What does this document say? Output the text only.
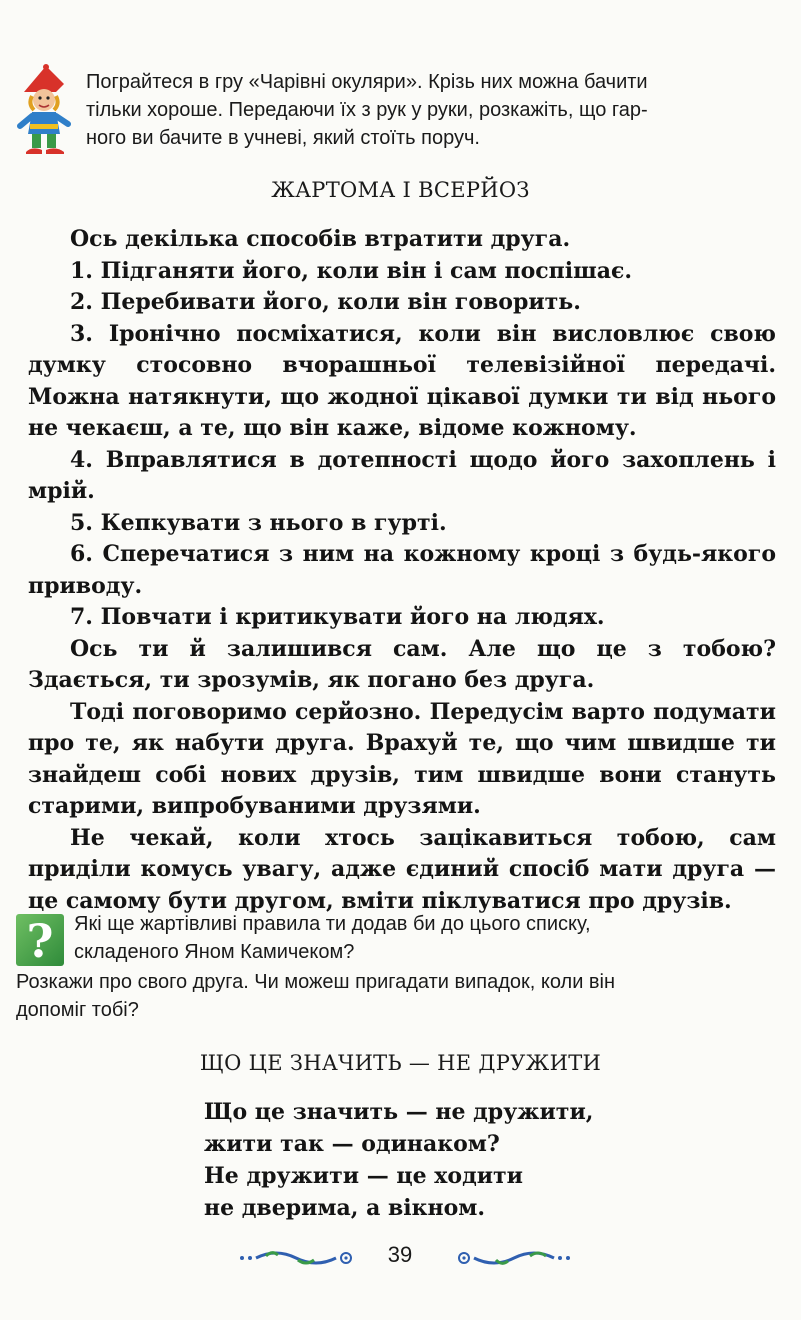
Пограйтеся в гру «Чарівні окуляри». Крізь них можна бачити
тільки хороше. Передаючи їх з рук у руки, розкажіть, що гар-
ного ви бачите в учневі, який стоїть поруч.
ЖАРТОМА І ВСЕРЙОЗ

Ось декілька способів втратити друга.

1. Підганяти його, коли він і сам поспішає.

2. Перебивати його, коли він говорить.

3. Іронічно посміхатися, коли він висловлює свою думку стосовно вчорашньої телевізійної передачі. Можна натякнути, що жодної цікавої думки ти від нього не чекаєш, а те, що він каже, відоме кожному.

4. Вправлятися в дотепності щодо його захоплень і мрій.

5. Кепкувати з нього в гурті.

6. Сперечатися з ним на кожному кроці з будь-якого приводу.

7. Повчати і критикувати його на людях.

Ось ти й залишився сам. Але що це з тобою? Здається, ти зрозумів, як погано без друга.

Тоді поговоримо серйозно. Передусім варто подумати про те, як набути друга. Врахуй те, що чим швидше ти знайдеш собі нових друзів, тим швидше вони стануть старими, випробуваними друзями.

Не чекай, коли хтось зацікавиться тобою, сам приділи комусь увагу, адже єдиний спосіб мати друга — це самому бути другом, вміти піклуватися про друзів.

?	Які ще жартівливі правила ти додав би до цього списку,
складеного Яном Камичеком?
Розкажи про свого друга. Чи можеш пригадати випадок, коли він
допоміг тобі?
ЩО ЦЕ ЗНАЧИТЬ — НЕ ДРУЖИТИ
Що це значить — не дружити,
жити так — одинаком?
Не дружити — це ходити
не дверима, а вікном.
39
